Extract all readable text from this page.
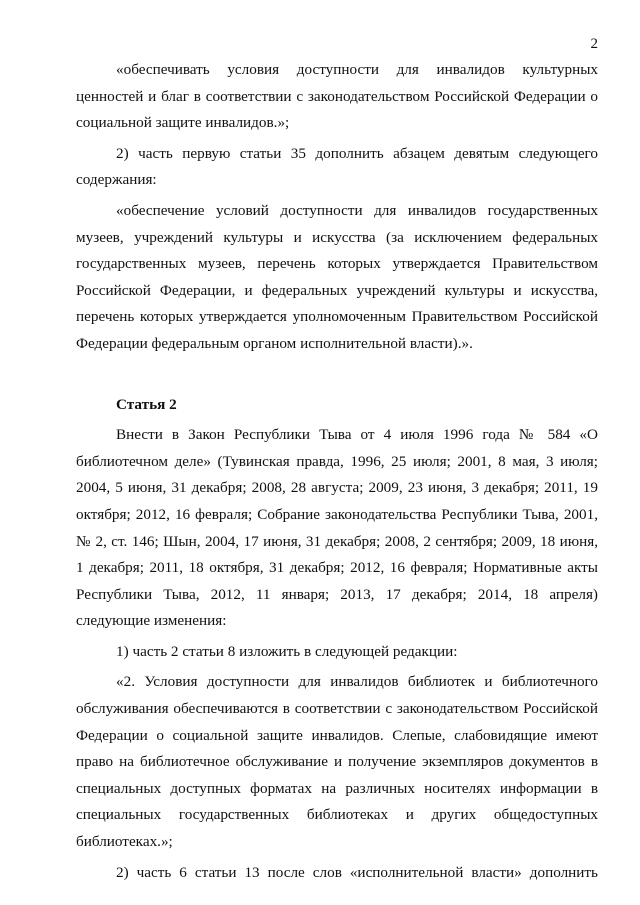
2

«обеспечивать условия доступности для инвалидов культурных ценностей и благ в соответствии с законодательством Российской Федерации о социальной защите инвалидов.»;

2) часть первую статьи 35 дополнить абзацем девятым следующего содержания:

«обеспечение условий доступности для инвалидов государственных музеев, учреждений культуры и искусства (за исключением федеральных государственных музеев, перечень которых утверждается Правительством Российской Федерации, и федеральных учреждений культуры и искусства, перечень которых утверждается уполномоченным Правительством Российской Федерации федеральным органом исполнительной власти).».

Статья 2

Внести в Закон Республики Тыва от 4 июля 1996 года № 584 «О библиотечном деле» (Тувинская правда, 1996, 25 июля; 2001, 8 мая, 3 июля; 2004, 5 июня, 31 декабря; 2008, 28 августа; 2009, 23 июня, 3 декабря; 2011, 19 октября; 2012, 16 февраля; Собрание законодательства Республики Тыва, 2001, № 2, ст. 146; Шын, 2004, 17 июня, 31 декабря; 2008, 2 сентября; 2009, 18 июня, 1 декабря; 2011, 18 октября, 31 декабря; 2012, 16 февраля; Нормативные акты Республики Тыва, 2012, 11 января; 2013, 17 декабря; 2014, 18 апреля) следующие изменения:

1) часть 2 статьи 8 изложить в следующей редакции:

«2. Условия доступности для инвалидов библиотек и библиотечного обслуживания обеспечиваются в соответствии с законодательством Российской Федерации о социальной защите инвалидов. Слепые, слабовидящие имеют право на библиотечное обслуживание и получение экземпляров документов в специальных доступных форматах на различных носителях информации в специальных государственных библиотеках и других общедоступных библиотеках.»;

2) часть 6 статьи 13 после слов «исполнительной власти» дополнить
